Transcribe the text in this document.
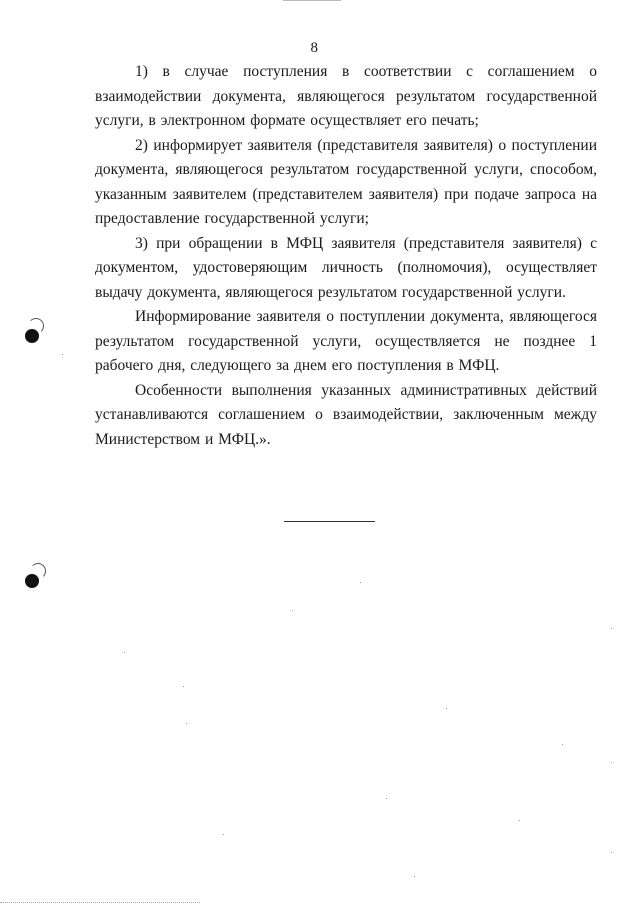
8

1) в случае поступления в соответствии с соглашением о взаимодействии документа, являющегося результатом государственной услуги, в электронном формате осуществляет его печать;

2) информирует заявителя (представителя заявителя) о поступлении документа, являющегося результатом государственной услуги, способом, указанным заявителем (представителем заявителя) при подаче запроса на предоставление государственной услуги;

3) при обращении в МФЦ заявителя (представителя заявителя) с документом, удостоверяющим личность (полномочия), осуществляет выдачу документа, являющегося результатом государственной услуги.

Информирование заявителя о поступлении документа, являющегося результатом государственной услуги, осуществляется не позднее 1 рабочего дня, следующего за днем его поступления в МФЦ.

Особенности выполнения указанных административных действий устанавливаются соглашением о взаимодействии, заключенным между Министерством и МФЦ.».
